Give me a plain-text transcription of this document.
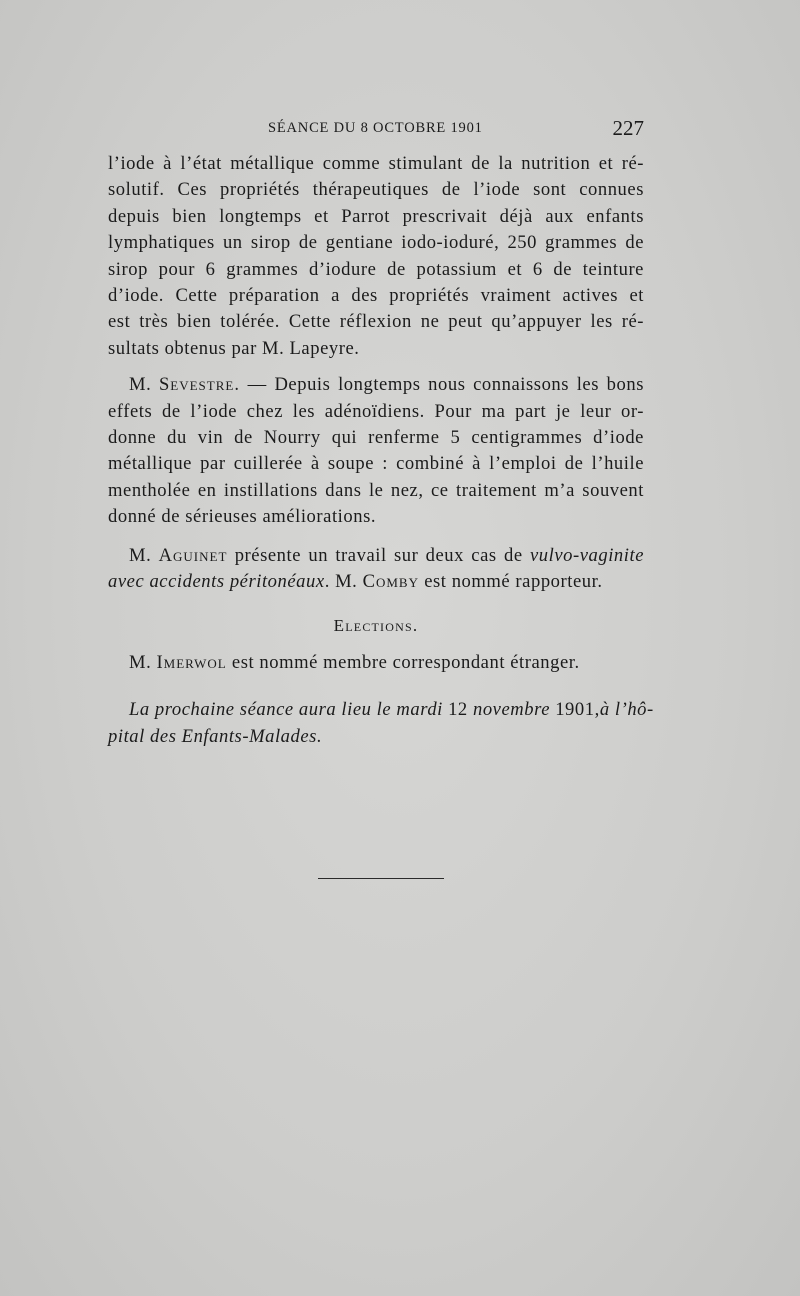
SÉANCE DU 8 OCTOBRE 1901	227

l’iode à l’état métallique comme stimulant de la nutrition et ré-
solutif. Ces propriétés thérapeutiques de l’iode sont connues
depuis bien longtemps et Parrot prescrivait déjà aux enfants
lymphatiques un sirop de gentiane iodo-ioduré, 250 grammes de
sirop pour 6 grammes d’iodure de potassium et 6 de teinture
d’iode. Cette préparation a des propriétés vraiment actives et
est très bien tolérée. Cette réflexion ne peut qu’appuyer les ré-
sultats obtenus par M. Lapeyre.

M. Sevestre. — Depuis longtemps nous connaissons les bons
effets de l’iode chez les adénoïdiens. Pour ma part je leur or-
donne du vin de Nourry qui renferme 5 centigrammes d’iode
métallique par cuillerée à soupe : combiné à l’emploi de l’huile
mentholée en instillations dans le nez, ce traitement m’a souvent
donné de sérieuses améliorations.

M. Aguinet présente un travail sur deux cas de vulvo-vaginite
avec accidents péritonéaux. M. Comby est nommé rapporteur.

Elections.

M. Imerwol est nommé membre correspondant étranger.

La prochaine séance aura lieu le mardi 12 novembre 1901,à l’hô-
pital des Enfants-Malades.
